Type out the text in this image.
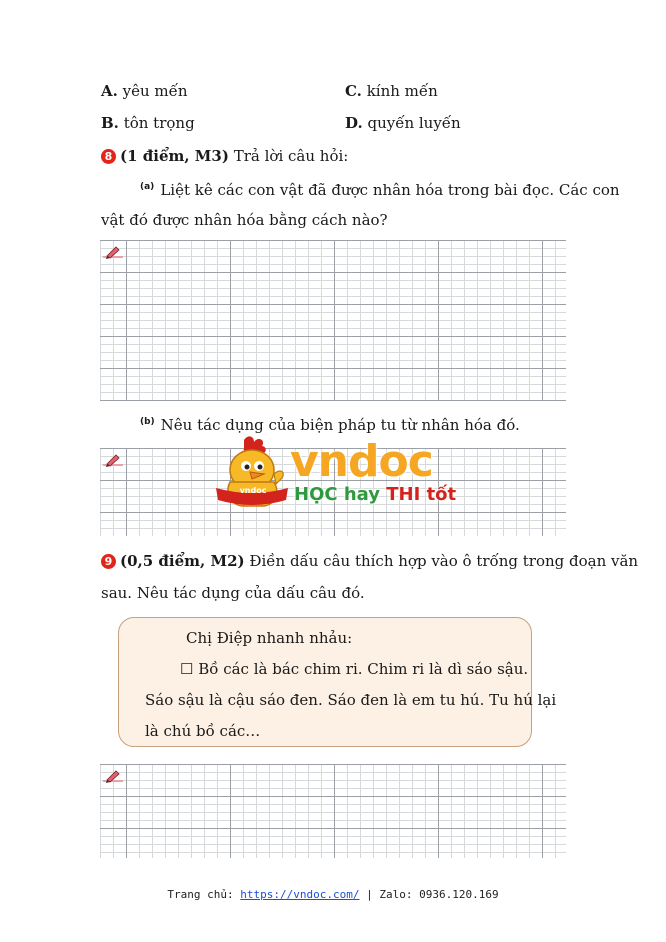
A. yêu mến	C. kính mến
B. tôn trọng	D. quyến luyến
8 (1 điểm, M3) Trả lời câu hỏi:
$^{(a)}$ Liệt kê các con vật đã được nhân hóa trong bài đọc. Các con
vật đó được nhân hóa bằng cách nào?
$^{(b)}$ Nêu tác dụng của biện pháp tu từ nhân hóa đó.
vndoc
vndoc
HỌC hay THI tốt
9 (0,5 điểm, M2) Điền dấu câu thích hợp vào ô trống trong đoạn văn
sau. Nêu tác dụng của dấu câu đó.
Chị Điệp nhanh nhảu:
☐ Bồ các là bác chim ri. Chim ri là dì sáo sậu.
Sáo sậu là cậu sáo đen. Sáo đen là em tu hú. Tu hú lại
là chú bồ các…
Trang chủ: https://vndoc.com/ | Zalo: 0936.120.169
